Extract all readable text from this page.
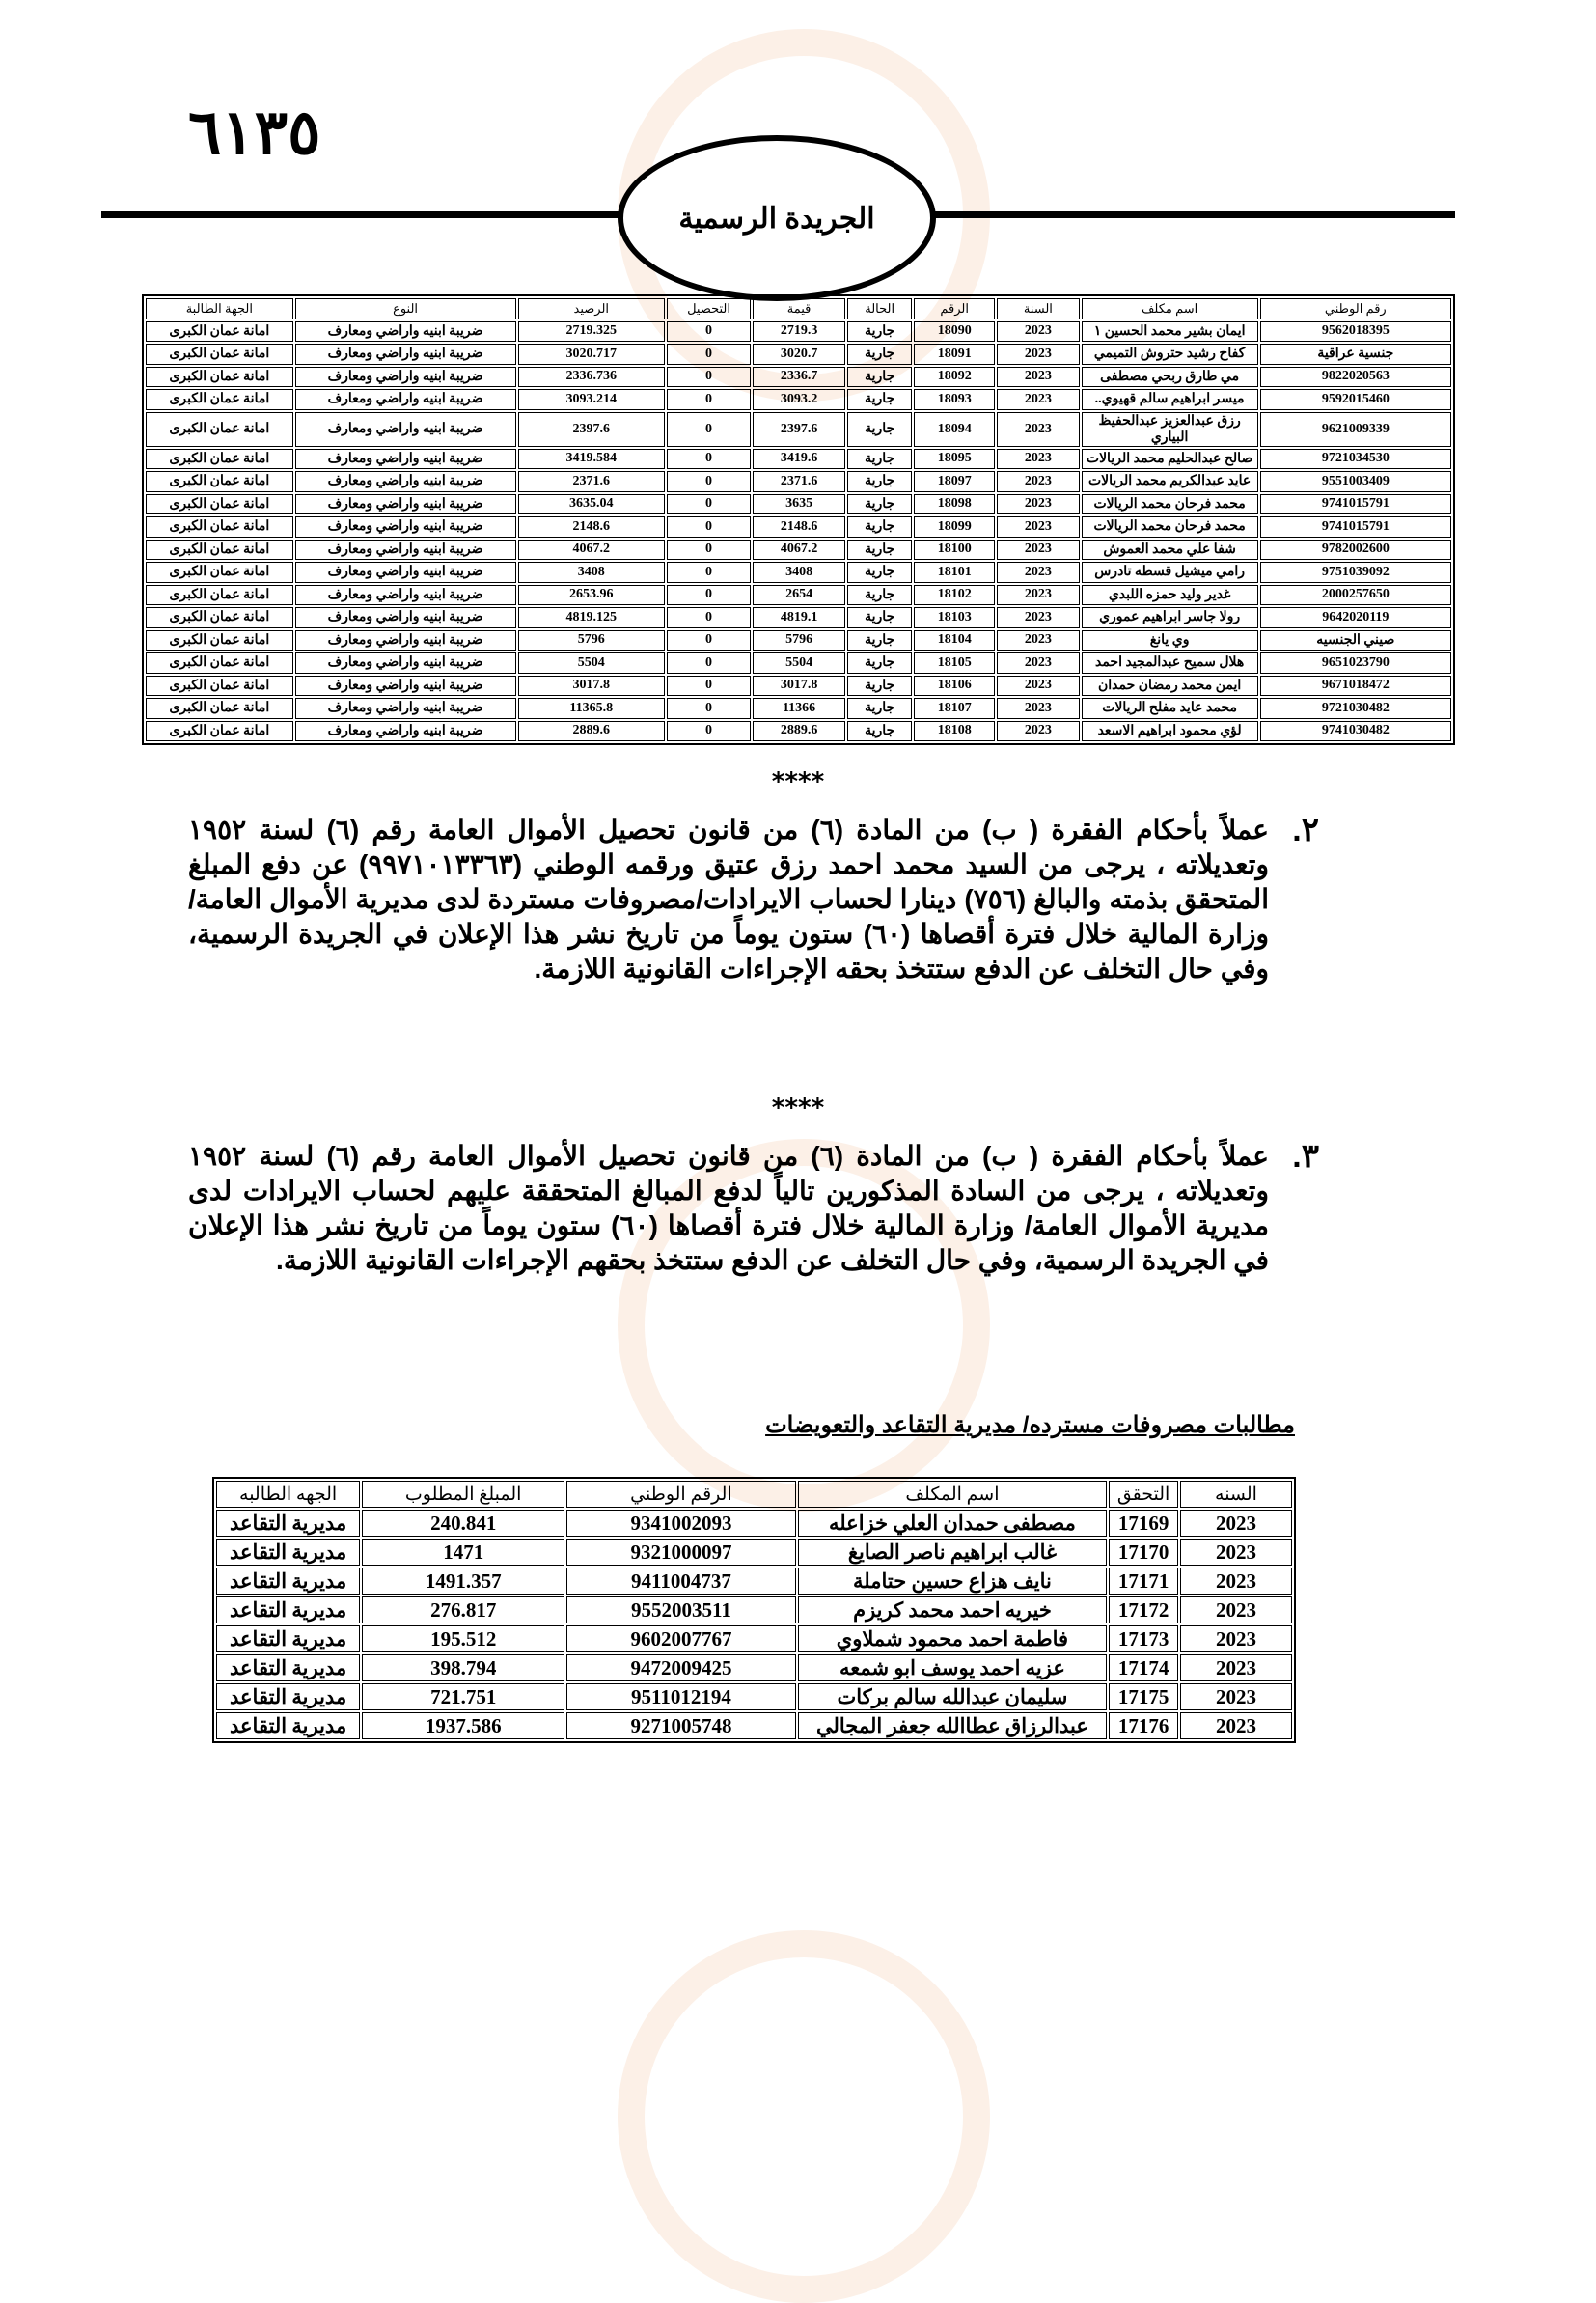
٦١٣٥
الجريدة الرسمية
رقم الوطني	اسم مكلف	السنة	الرقم	الحالة	قيمة	التحصيل	الرصيد	النوع	الجهة الطالبة
9562018395	ايمان بشير محمد الحسين ١	2023	18090	جارية	2719.3	0	2719.325	ضريبة ابنيه واراضي ومعارف	امانة عمان الكبرى
جنسية عراقية	كفاح رشيد حتروش التميمي	2023	18091	جارية	3020.7	0	3020.717	ضريبة ابنيه واراضي ومعارف	امانة عمان الكبرى
9822020563	مي طارق ربحي مصطفى	2023	18092	جارية	2336.7	0	2336.736	ضريبة ابنيه واراضي ومعارف	امانة عمان الكبرى
9592015460	ميسر ابراهيم سالم قهيوي..	2023	18093	جارية	3093.2	0	3093.214	ضريبة ابنيه واراضي ومعارف	امانة عمان الكبرى
9621009339	رزق عبدالعزيز عبدالحفيظ البياري	2023	18094	جارية	2397.6	0	2397.6	ضريبة ابنيه واراضي ومعارف	امانة عمان الكبرى
9721034530	صالح عبدالحليم محمد الريالات	2023	18095	جارية	3419.6	0	3419.584	ضريبة ابنيه واراضي ومعارف	امانة عمان الكبرى
9551003409	عايد عبدالكريم محمد الريالات	2023	18097	جارية	2371.6	0	2371.6	ضريبة ابنيه واراضي ومعارف	امانة عمان الكبرى
9741015791	محمد فرحان محمد الريالات	2023	18098	جارية	3635	0	3635.04	ضريبة ابنيه واراضي ومعارف	امانة عمان الكبرى
9741015791	محمد فرحان محمد الريالات	2023	18099	جارية	2148.6	0	2148.6	ضريبة ابنيه واراضي ومعارف	امانة عمان الكبرى
9782002600	شفا علي محمد العموش	2023	18100	جارية	4067.2	0	4067.2	ضريبة ابنيه واراضي ومعارف	امانة عمان الكبرى
9751039092	رامي ميشيل قسطه تادرس	2023	18101	جارية	3408	0	3408	ضريبة ابنيه واراضي ومعارف	امانة عمان الكبرى
2000257650	غدير وليد حمزه اللبدي	2023	18102	جارية	2654	0	2653.96	ضريبة ابنيه واراضي ومعارف	امانة عمان الكبرى
9642020119	رولا جاسر ابراهيم عموري	2023	18103	جارية	4819.1	0	4819.125	ضريبة ابنيه واراضي ومعارف	امانة عمان الكبرى
صيني الجنسيه	وي يانغ	2023	18104	جارية	5796	0	5796	ضريبة ابنيه واراضي ومعارف	امانة عمان الكبرى
9651023790	هلال سميح عبدالمجيد احمد	2023	18105	جارية	5504	0	5504	ضريبة ابنيه واراضي ومعارف	امانة عمان الكبرى
9671018472	ايمن محمد رمضان حمدان	2023	18106	جارية	3017.8	0	3017.8	ضريبة ابنيه واراضي ومعارف	امانة عمان الكبرى
9721030482	محمد عايد مفلح الريالات	2023	18107	جارية	11366	0	11365.8	ضريبة ابنيه واراضي ومعارف	امانة عمان الكبرى
9741030482	لؤي محمود ابراهيم الاسعد	2023	18108	جارية	2889.6	0	2889.6	ضريبة ابنيه واراضي ومعارف	امانة عمان الكبرى
****
٢.
عملاً بأحكام الفقرة ( ب) من المادة (٦) من قانون تحصيل الأموال العامة رقم (٦) لسنة ١٩٥٢ وتعديلاته ، يرجى من السيد محمد احمد رزق عتيق ورقمه الوطني (٩٩٧١٠١٣٣٦٣) عن دفع المبلغ المتحقق بذمته والبالغ (٧٥٦) دينارا لحساب الايرادات/مصروفات مستردة لدى مديرية الأموال العامة/ وزارة المالية خلال فترة أقصاها (٦٠) ستون يوماً من تاريخ نشر هذا الإعلان في الجريدة الرسمية، وفي حال التخلف عن الدفع ستتخذ بحقه الإجراءات القانونية اللازمة.
****
٣.
عملاً بأحكام الفقرة ( ب) من المادة (٦) من قانون تحصيل الأموال العامة رقم (٦) لسنة ١٩٥٢ وتعديلاته ، يرجى من السادة المذكورين تالياً لدفع المبالغ المتحققة عليهم لحساب الايرادات لدى مديرية الأموال العامة/ وزارة المالية خلال فترة أقصاها (٦٠) ستون يوماً من تاريخ نشر هذا الإعلان في الجريدة الرسمية، وفي حال التخلف عن الدفع ستتخذ بحقهم الإجراءات القانونية اللازمة.
مطالبات مصروفات مسترده/ مديرية التقاعد والتعويضات
السنه	التحقق	اسم المكلف	الرقم الوطني	المبلغ المطلوب	الجهه الطالبه
2023	17169	مصطفى حمدان العلي خزاعله	9341002093	240.841	مديرية التقاعد
2023	17170	غالب ابراهيم ناصر الصايغ	9321000097	1471	مديرية التقاعد
2023	17171	نايف هزاع حسين حتاملة	9411004737	1491.357	مديرية التقاعد
2023	17172	خيريه احمد محمد كريزم	9552003511	276.817	مديرية التقاعد
2023	17173	فاطمة احمد محمود شملاوي	9602007767	195.512	مديرية التقاعد
2023	17174	عزيه احمد يوسف ابو شمعه	9472009425	398.794	مديرية التقاعد
2023	17175	سليمان عبدالله سالم بركات	9511012194	721.751	مديرية التقاعد
2023	17176	عبدالرزاق عطاالله جعفر المجالي	9271005748	1937.586	مديرية التقاعد
